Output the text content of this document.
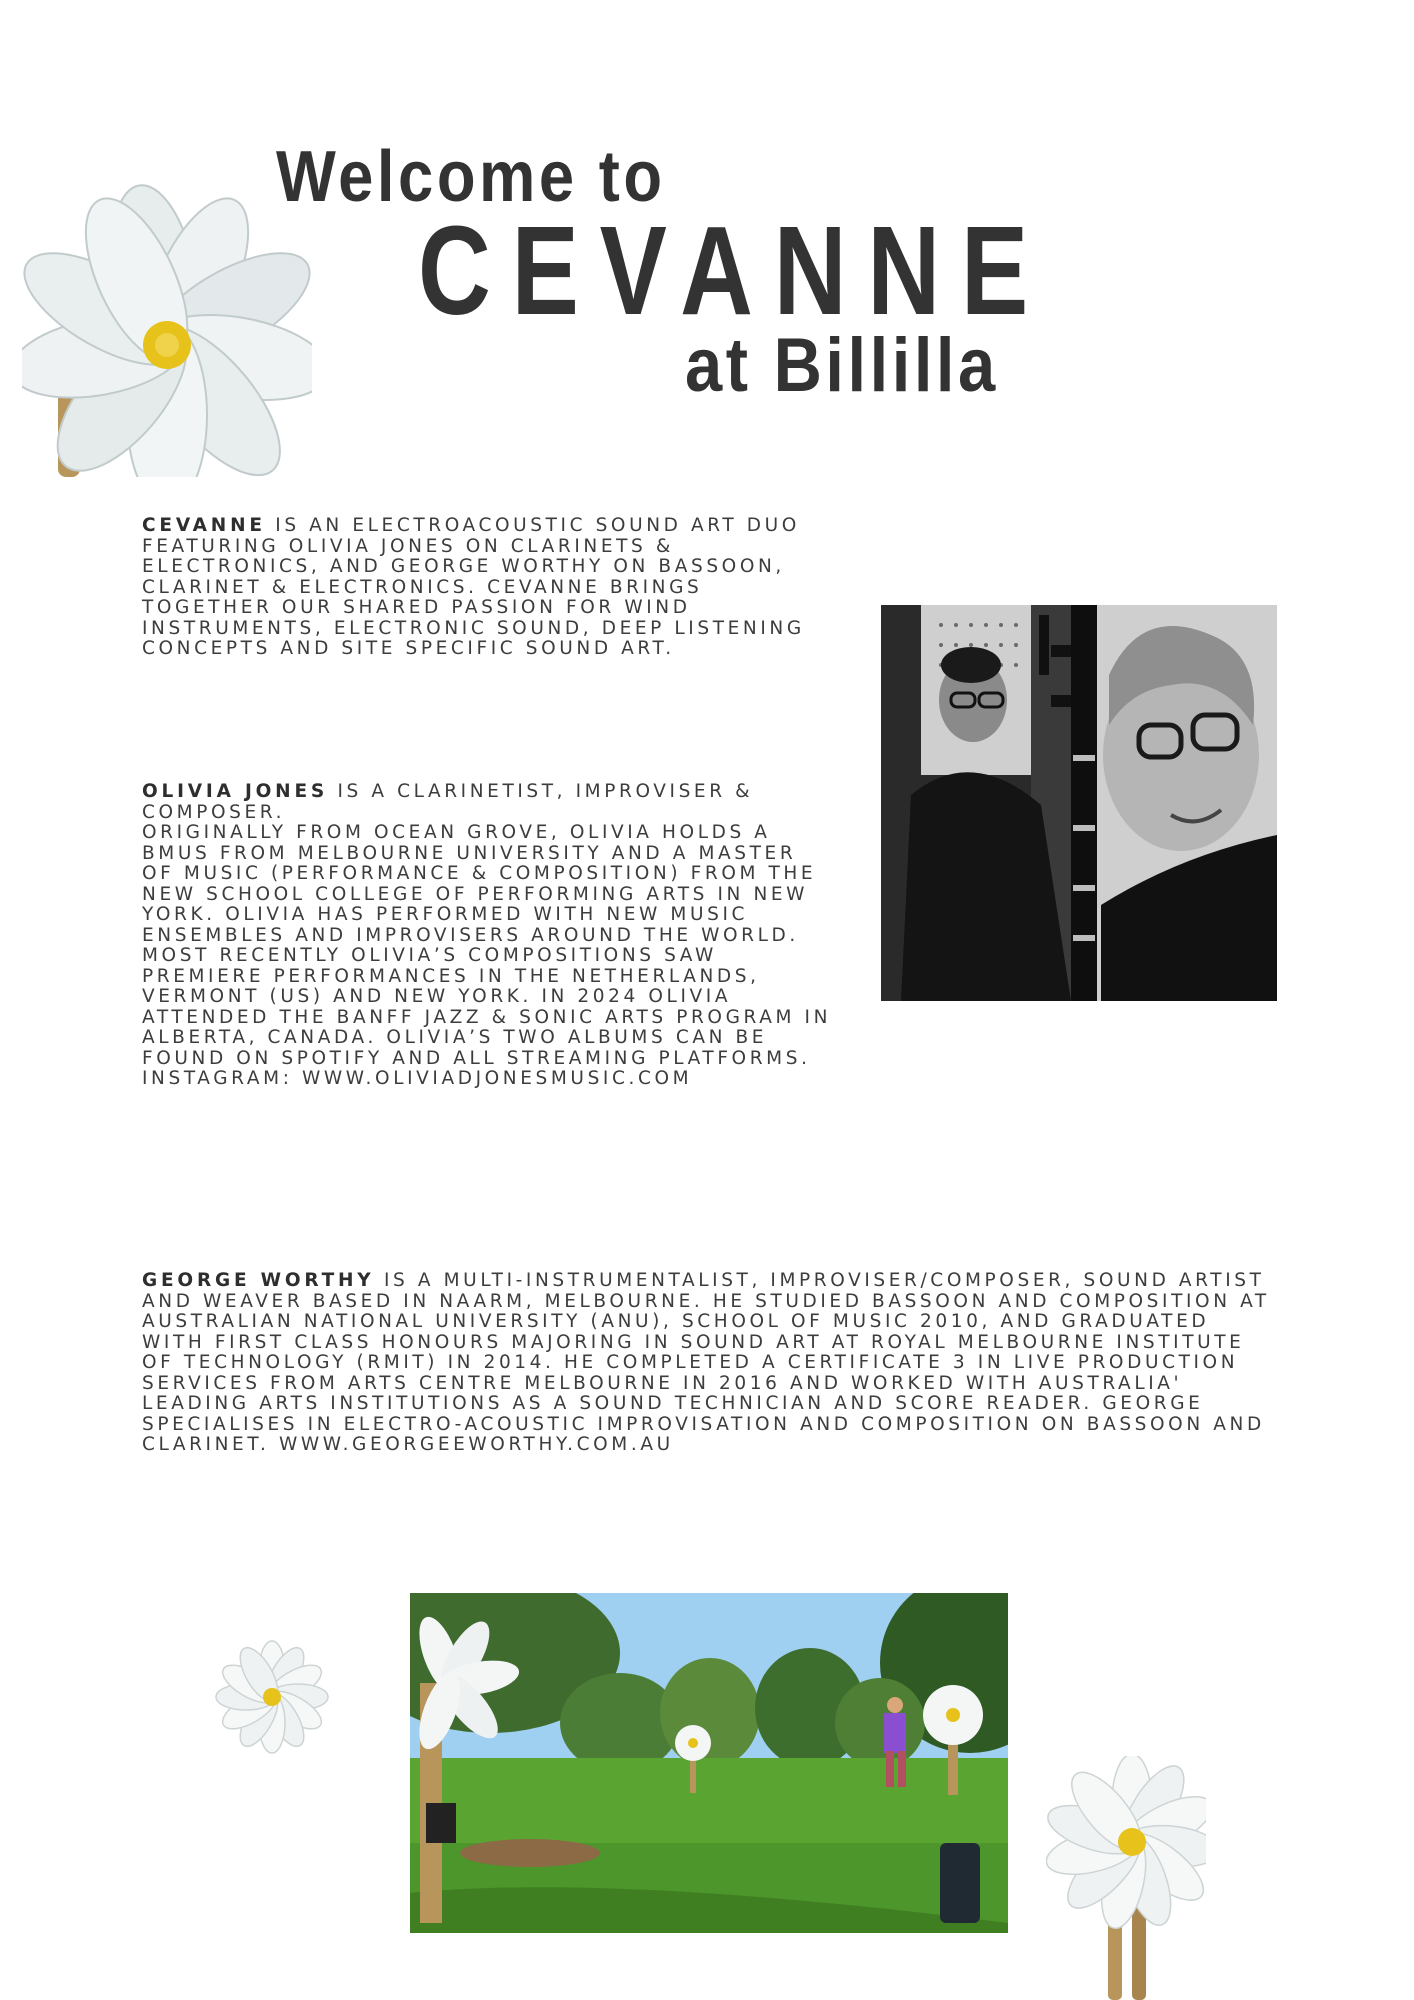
Welcome to
CEVANNE
at Billilla

CEVANNE IS AN ELECTROACOUSTIC SOUND ART DUO FEATURING OLIVIA JONES ON CLARINETS & ELECTRONICS, AND GEORGE WORTHY ON BASSOON, CLARINET & ELECTRONICS. CEVANNE BRINGS TOGETHER OUR SHARED PASSION FOR WIND INSTRUMENTS, ELECTRONIC SOUND, DEEP LISTENING CONCEPTS AND SITE SPECIFIC SOUND ART.

OLIVIA JONES IS A CLARINETIST, IMPROVISER & COMPOSER.
ORIGINALLY FROM OCEAN GROVE, OLIVIA HOLDS A BMUS FROM MELBOURNE UNIVERSITY AND A MASTER OF MUSIC (PERFORMANCE & COMPOSITION) FROM THE NEW SCHOOL COLLEGE OF PERFORMING ARTS IN NEW YORK. OLIVIA HAS PERFORMED WITH NEW MUSIC ENSEMBLES AND IMPROVISERS AROUND THE WORLD. MOST RECENTLY OLIVIA’S COMPOSITIONS SAW PREMIERE PERFORMANCES IN THE NETHERLANDS, VERMONT (US) AND NEW YORK. IN 2024 OLIVIA ATTENDED THE BANFF JAZZ & SONIC ARTS PROGRAM IN ALBERTA, CANADA. OLIVIA’S TWO ALBUMS CAN BE FOUND ON SPOTIFY AND ALL STREAMING PLATFORMS.
INSTAGRAM: WWW.OLIVIADJONESMUSIC.COM

GEORGE WORTHY IS A MULTI-INSTRUMENTALIST, IMPROVISER/COMPOSER, SOUND ARTIST AND WEAVER BASED IN NAARM, MELBOURNE. HE STUDIED BASSOON AND COMPOSITION AT AUSTRALIAN NATIONAL UNIVERSITY (ANU), SCHOOL OF MUSIC 2010, AND GRADUATED WITH FIRST CLASS HONOURS MAJORING IN SOUND ART AT ROYAL MELBOURNE INSTITUTE OF TECHNOLOGY (RMIT) IN 2014. HE COMPLETED A CERTIFICATE 3 IN LIVE PRODUCTION SERVICES FROM ARTS CENTRE MELBOURNE IN 2016 AND WORKED WITH AUSTRALIA' LEADING ARTS INSTITUTIONS AS A SOUND TECHNICIAN AND SCORE READER. GEORGE SPECIALISES IN ELECTRO-ACOUSTIC IMPROVISATION AND COMPOSITION ON BASSOON AND CLARINET. WWW.GEORGEEWORTHY.COM.AU
